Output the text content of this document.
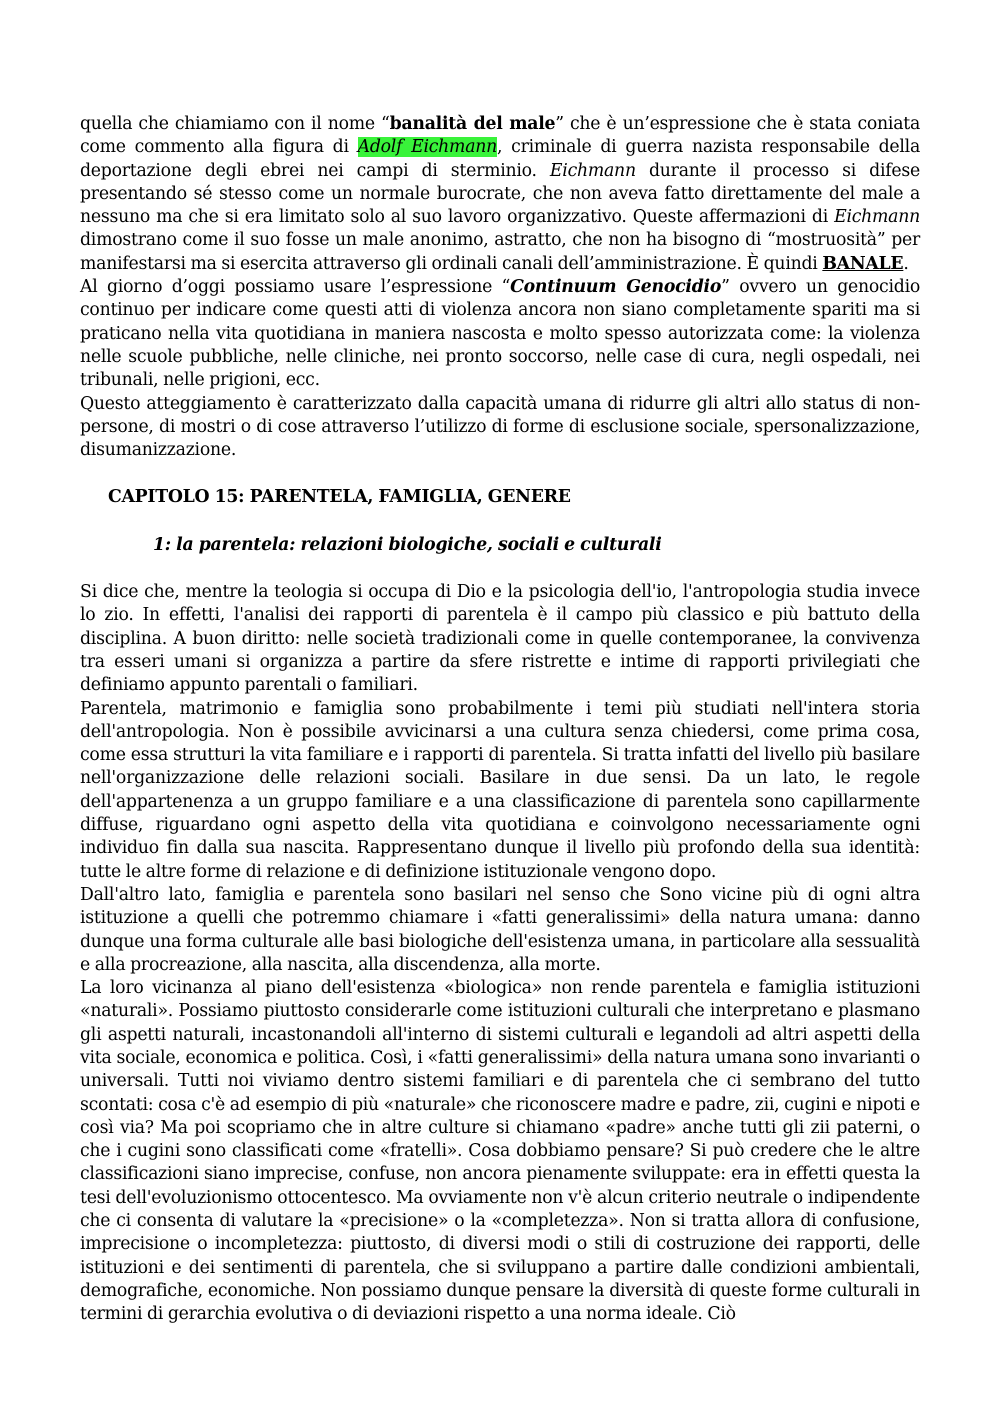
quella che chiamiamo con il nome “banalità del male” che è un’espressione che è stata coniata come commento alla figura di Adolf Eichmann, criminale di guerra nazista responsabile della deportazione degli ebrei nei campi di sterminio. Eichmann durante il processo si difese presentando sé stesso come un normale burocrate, che non aveva fatto direttamente del male a nessuno ma che si era limitato solo al suo lavoro organizzativo. Queste affermazioni di Eichmann dimostrano come il suo fosse un male anonimo, astratto, che non ha bisogno di “mostruosità” per manifestarsi ma si esercita attraverso gli ordinali canali dell’amministrazione. È quindi BANALE.

Al giorno d’oggi possiamo usare l’espressione “Continuum Genocidio” ovvero un genocidio continuo per indicare come questi atti di violenza ancora non siano completamente spariti ma si praticano nella vita quotidiana in maniera nascosta e molto spesso autorizzata come: la violenza nelle scuole pubbliche, nelle cliniche, nei pronto soccorso, nelle case di cura, negli ospedali, nei tribunali, nelle prigioni, ecc.

Questo atteggiamento è caratterizzato dalla capacità umana di ridurre gli altri allo status di non-persone, di mostri o di cose attraverso l’utilizzo di forme di esclusione sociale, spersonalizzazione, disumanizzazione.

CAPITOLO 15: PARENTELA, FAMIGLIA, GENERE

1: la parentela: relazioni biologiche, sociali e culturali

Si dice che, mentre la teologia si occupa di Dio e la psicologia dell'io, l'antropologia studia invece lo zio. In effetti, l'analisi dei rapporti di parentela è il campo più classico e più battuto della disciplina. A buon diritto: nelle società tradizionali come in quelle contemporanee, la convivenza tra esseri umani si organizza a partire da sfere ristrette e intime di rapporti privilegiati che definiamo appunto parentali o familiari.

Parentela, matrimonio e famiglia sono probabilmente i temi più studiati nell'intera storia dell'antropologia. Non è possibile avvicinarsi a una cultura senza chiedersi, come prima cosa, come essa strutturi la vita familiare e i rapporti di parentela. Si tratta infatti del livello più basilare nell'organizzazione delle relazioni sociali. Basilare in due sensi. Da un lato, le regole dell'appartenenza a un gruppo familiare e a una classificazione di parentela sono capillarmente diffuse, riguardano ogni aspetto della vita quotidiana e coinvolgono necessariamente ogni individuo fin dalla sua nascita. Rappresentano dunque il livello più profondo della sua identità: tutte le altre forme di relazione e di definizione istituzionale vengono dopo.

Dall'altro lato, famiglia e parentela sono basilari nel senso che Sono vicine più di ogni altra istituzione a quelli che potremmo chiamare i «fatti generalissimi» della natura umana: danno dunque una forma culturale alle basi biologiche dell'esistenza umana, in particolare alla sessualità e alla procreazione, alla nascita, alla discendenza, alla morte.

La loro vicinanza al piano dell'esistenza «biologica» non rende parentela e famiglia istituzioni «naturali». Possiamo piuttosto considerarle come istituzioni culturali che interpretano e plasmano gli aspetti naturali, incastonandoli all'interno di sistemi culturali e legandoli ad altri aspetti della vita sociale, economica e politica. Così, i «fatti generalissimi» della natura umana sono invarianti o universali. Tutti noi viviamo dentro sistemi familiari e di parentela che ci sembrano del tutto scontati: cosa c'è ad esempio di più «naturale» che riconoscere madre e padre, zii, cugini e nipoti e così via? Ma poi scopriamo che in altre culture si chiamano «padre» anche tutti gli zii paterni, o che i cugini sono classificati come «fratelli». Cosa dobbiamo pensare? Si può credere che le altre classificazioni siano imprecise, confuse, non ancora pienamente sviluppate: era in effetti questa la tesi dell'evoluzionismo ottocentesco. Ma ovviamente non v'è alcun criterio neutrale o indipendente che ci consenta di valutare la «precisione» o la «completezza». Non si tratta allora di confusione, imprecisione o incompletezza: piuttosto, di diversi modi o stili di costruzione dei rapporti, delle istituzioni e dei sentimenti di parentela, che si sviluppano a partire dalle condizioni ambientali, demografiche, economiche. Non possiamo dunque pensare la diversità di queste forme culturali in termini di gerarchia evolutiva o di deviazioni rispetto a una norma ideale. Ciò
